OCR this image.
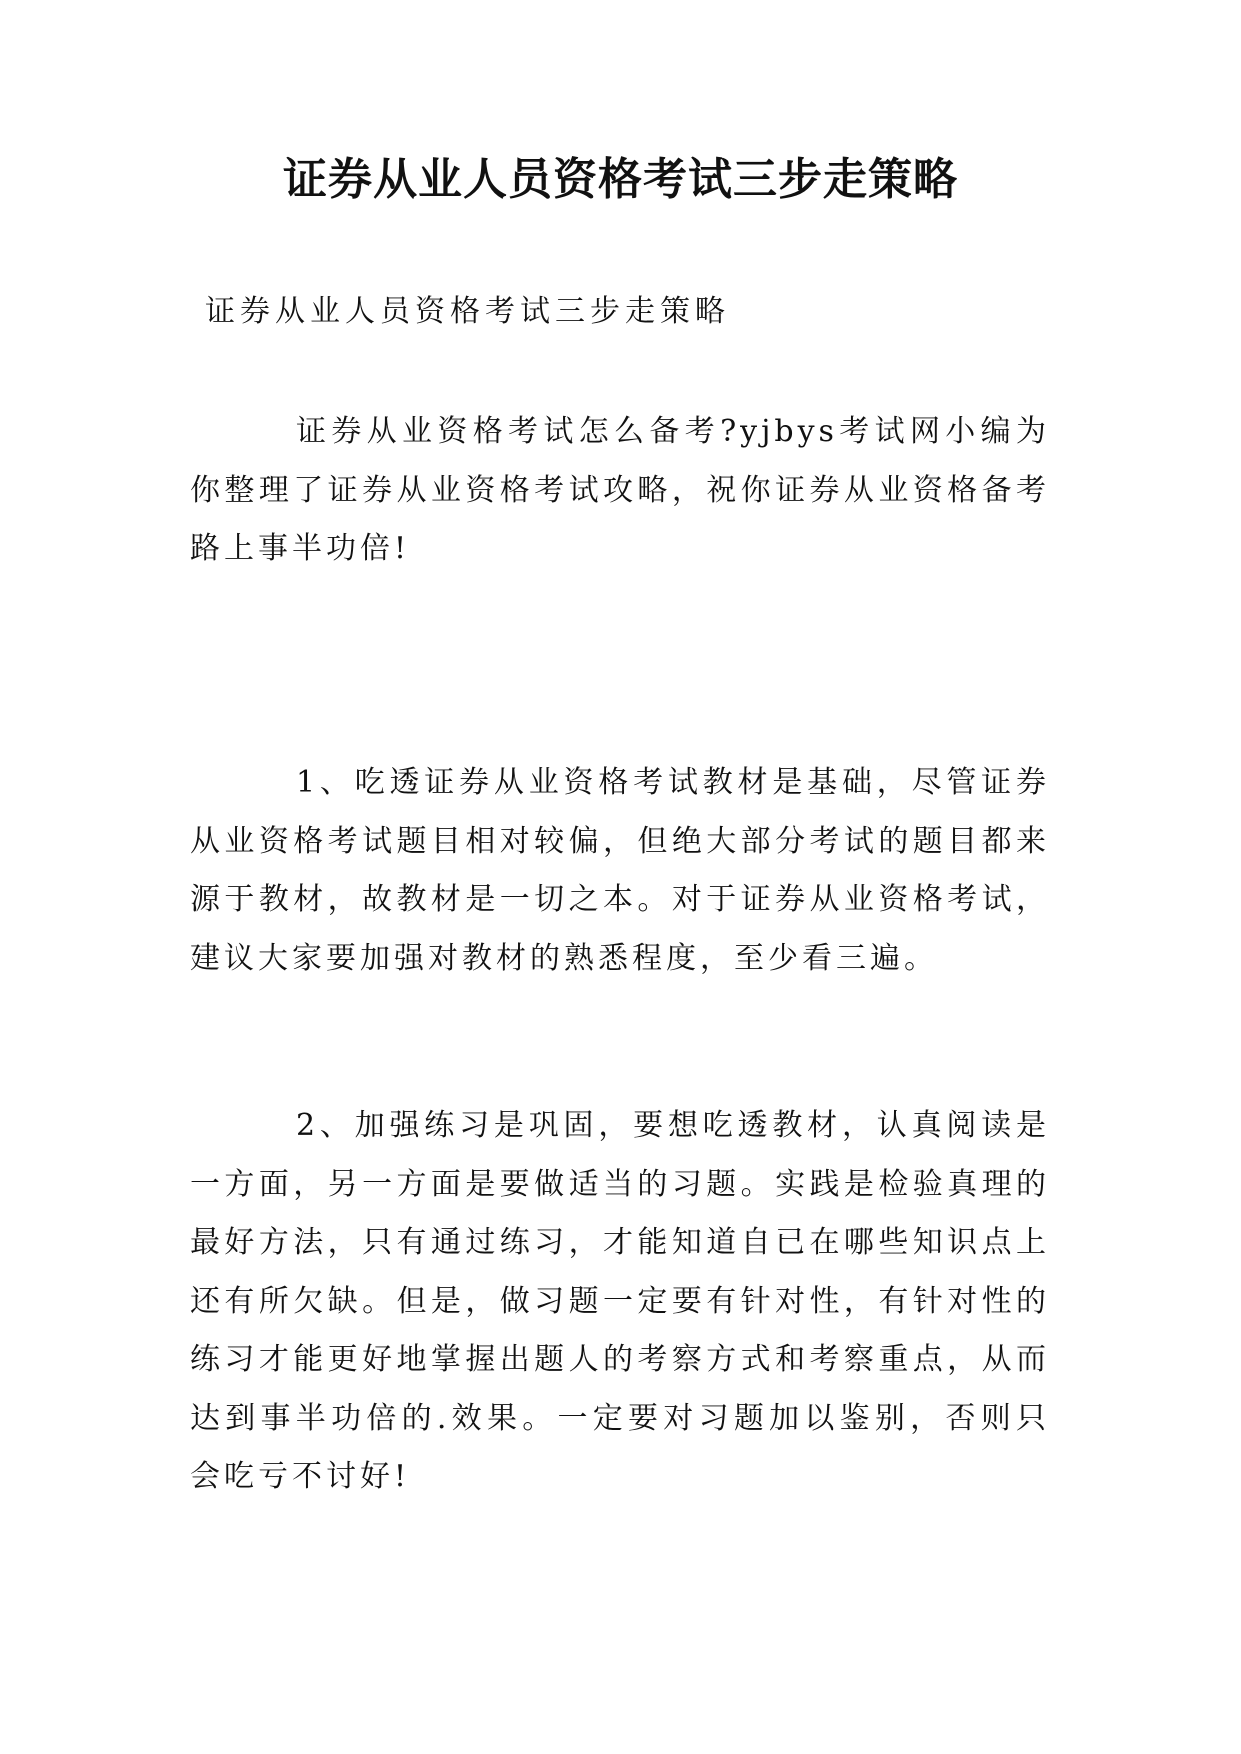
证券从业人员资格考试三步走策略

证券从业人员资格考试三步走策略

证券从业资格考试怎么备考?yjbys考试网小编为你整理了证券从业资格考试攻略，祝你证券从业资格备考路上事半功倍!

1、吃透证券从业资格考试教材是基础，尽管证券从业资格考试题目相对较偏，但绝大部分考试的题目都来源于教材，故教材是一切之本。对于证券从业资格考试，建议大家要加强对教材的熟悉程度，至少看三遍。

2、加强练习是巩固，要想吃透教材，认真阅读是一方面，另一方面是要做适当的习题。实践是检验真理的最好方法，只有通过练习，才能知道自已在哪些知识点上还有所欠缺。但是，做习题一定要有针对性，有针对性的练习才能更好地掌握出题人的考察方式和考察重点，从而达到事半功倍的.效果。一定要对习题加以鉴别，否则只会吃亏不讨好!
